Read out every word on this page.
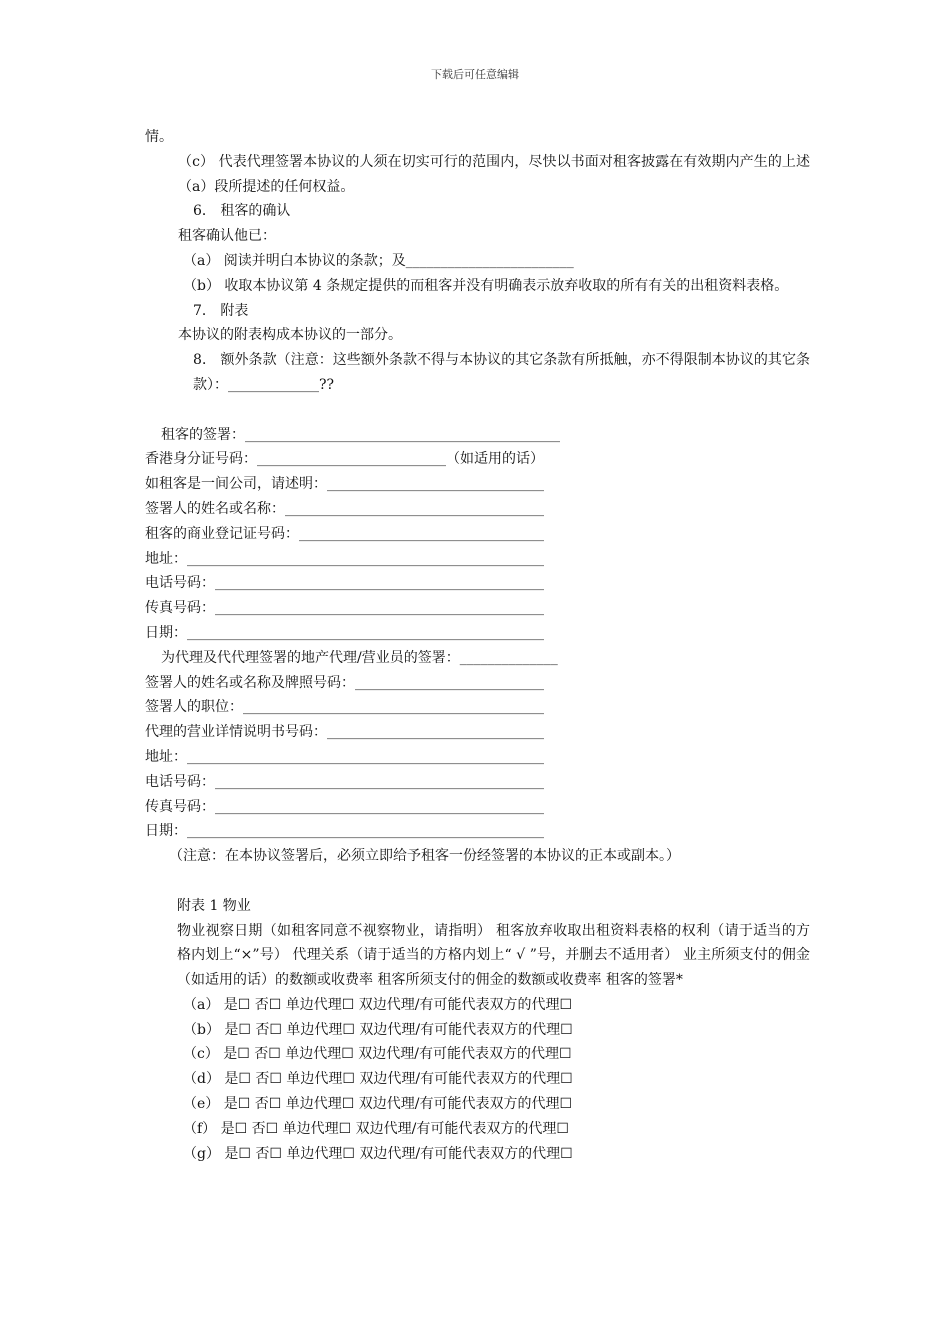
下载后可任意编辑

情。

（c） 代表代理签署本协议的人须在切实可行的范围内，尽快以书面对租客披露在有效期内产生的上述（a）段所提述的任何权益。

6． 租客的确认

租客确认他已：

（a） 阅读并明白本协议的条款；及________________________

（b） 收取本协议第 4 条规定提供的而租客并没有明确表示放弃收取的所有有关的出租资料表格。

7． 附表

本协议的附表构成本协议的一部分。

8． 额外条款（注意：这些额外条款不得与本协议的其它条款有所抵触，亦不得限制本协议的其它条款）：_____________??

租客的签署：_____________________________________________

香港身分证号码：___________________________（如适用的话）

如租客是一间公司，请述明：_______________________________

签署人的姓名或名称：_____________________________________

租客的商业登记证号码：___________________________________

地址：___________________________________________________

电话号码：_______________________________________________

传真号码：_______________________________________________

日期：___________________________________________________

为代理及代代理签署的地产代理/营业员的签署：______________

签署人的姓名或名称及牌照号码：___________________________

签署人的职位：___________________________________________

代理的营业详情说明书号码：_______________________________

地址：___________________________________________________

电话号码：_______________________________________________

传真号码：_______________________________________________

日期：___________________________________________________

（注意：在本协议签署后，必须立即给予租客一份经签署的本协议的正本或副本。）

附表 1 物业

物业视察日期（如租客同意不视察物业，请指明） 租客放弃收取出租资料表格的权利（请于适当的方格内划上“×”号） 代理关系（请于适当的方格内划上“ √ ”号，并删去不适用者） 业主所须支付的佣金（如适用的话）的数额或收费率 租客所须支付的佣金的数额或收费率 租客的签署*

（a） 是☐ 否☐ 单边代理☐ 双边代理/有可能代表双方的代理☐

（b） 是☐ 否☐ 单边代理☐ 双边代理/有可能代表双方的代理☐

（c） 是☐ 否☐ 单边代理☐ 双边代理/有可能代表双方的代理☐

（d） 是☐ 否☐ 单边代理☐ 双边代理/有可能代表双方的代理☐

（e） 是☐ 否☐ 单边代理☐ 双边代理/有可能代表双方的代理☐

（f） 是☐ 否☐ 单边代理☐ 双边代理/有可能代表双方的代理☐

（g） 是☐ 否☐ 单边代理☐ 双边代理/有可能代表双方的代理☐
